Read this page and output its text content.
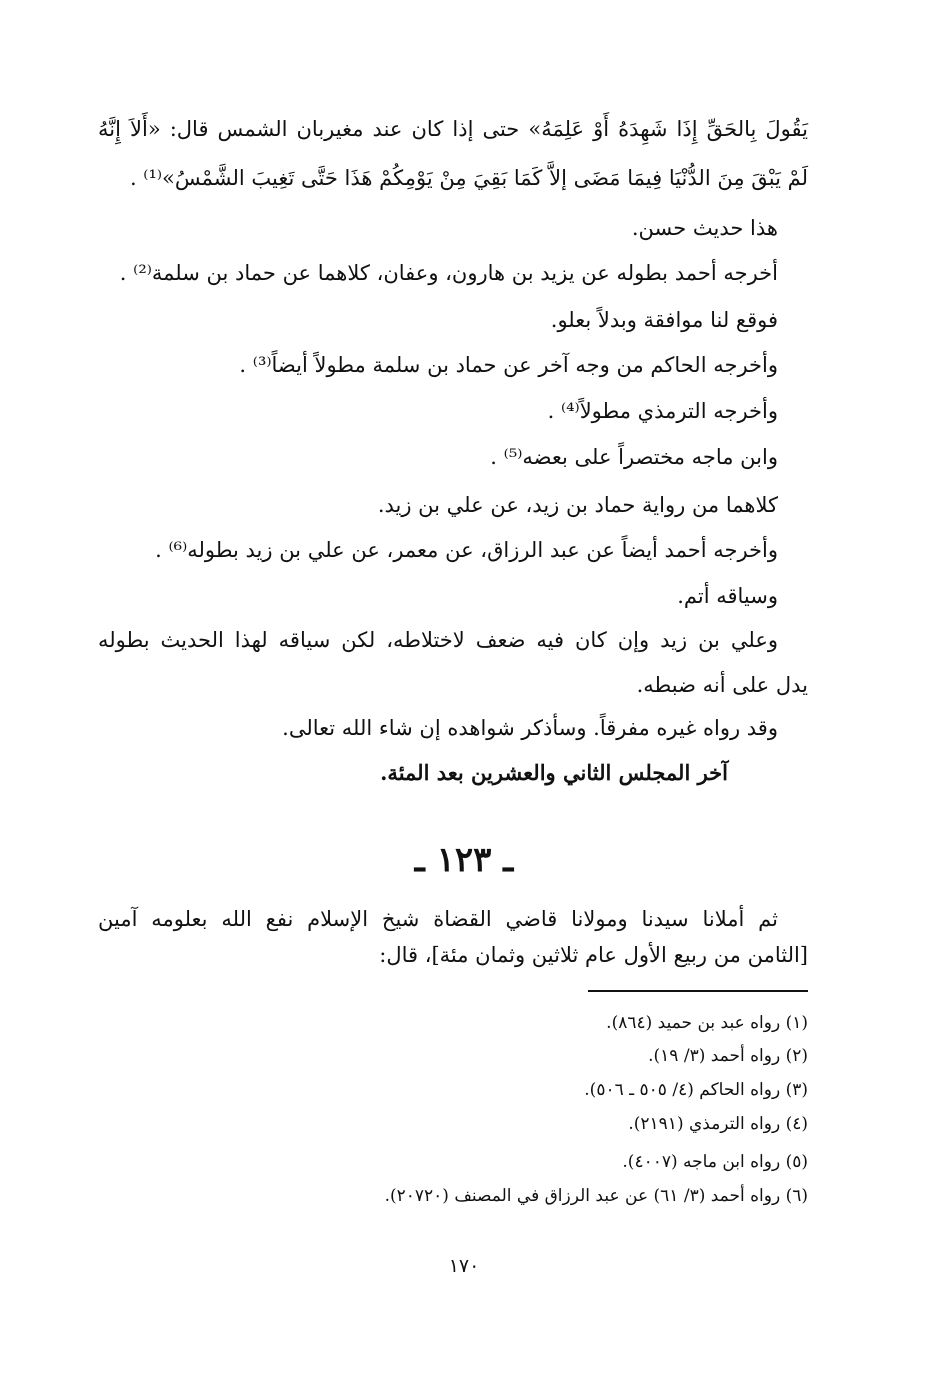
يَقُولَ بِالحَقِّ إِذَا شَهِدَهُ أَوْ عَلِمَهُ» حتى إذا كان عند مغيربان الشمس قال: «أَلاَ إِنَّهُ
لَمْ يَبْقَ مِنَ الدُّنْيَا فِيمَا مَضَى إلاَّ كَمَا بَقِيَ مِنْ يَوْمِكُمْ هَذَا حَتَّى تَغِيبَ الشَّمْسُ»⁽¹⁾ .
هذا حديث حسن.
أخرجه أحمد بطوله عن يزيد بن هارون، وعفان، كلاهما عن حماد بن سلمة⁽²⁾ .
فوقع لنا موافقة وبدلاً بعلو.
وأخرجه الحاكم من وجه آخر عن حماد بن سلمة مطولاً أيضاً⁽³⁾ .
وأخرجه الترمذي مطولاً⁽⁴⁾ .
وابن ماجه مختصراً على بعضه⁽⁵⁾ .
كلاهما من رواية حماد بن زيد، عن علي بن زيد.
وأخرجه أحمد أيضاً عن عبد الرزاق، عن معمر، عن علي بن زيد بطوله⁽⁶⁾ .
وسياقه أتم.
وعلي بن زيد وإن كان فيه ضعف لاختلاطه، لكن سياقه لهذا الحديث بطوله
يدل على أنه ضبطه.
وقد رواه غيره مفرقاً. وسأذكر شواهده إن شاء الله تعالى.
آخر المجلس الثاني والعشرين بعد المئة.
ـ ١٢٣ ـ
ثم أملانا سيدنا ومولانا قاضي القضاة شيخ الإسلام نفع الله بعلومه آمين
[الثامن من ربيع الأول عام ثلاثين وثمان مئة]، قال:
(١) رواه عبد بن حميد (٨٦٤).
(٢) رواه أحمد (٣/ ١٩).
(٣) رواه الحاكم (٤/ ٥٠٥ ـ ٥٠٦).
(٤) رواه الترمذي (٢١٩١).
(٥) رواه ابن ماجه (٤٠٠٧).
(٦) رواه أحمد (٣/ ٦١) عن عبد الرزاق في المصنف (٢٠٧٢٠).
١٧٠
